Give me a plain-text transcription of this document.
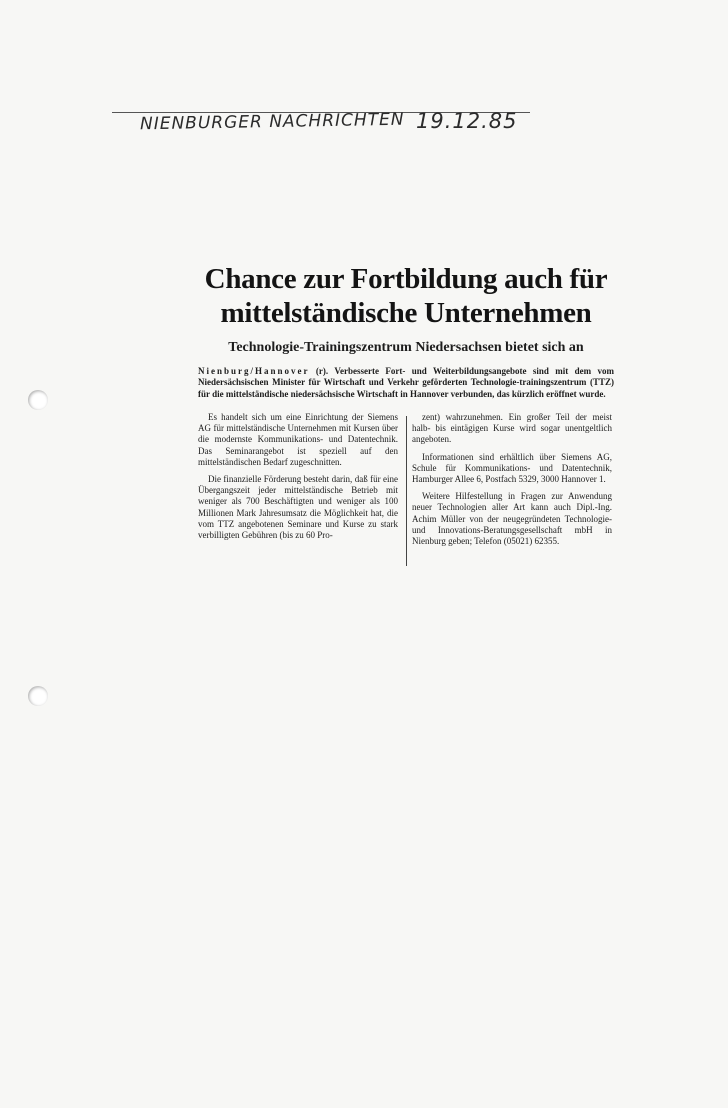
NIENBURGER NACHRICHTEN 19.12.85
Chance zur Fortbildung auch für
mittelständische Unternehmen
Technologie-Trainingszentrum Niedersachsen bietet sich an

Nienburg/Hannover (r). Verbesserte Fort- und Weiterbildungsangebote sind mit dem vom Niedersächsischen Minister für Wirtschaft und Verkehr geförderten Technologie-trainingszentrum (TTZ) für die mittelständische niedersächsische Wirtschaft in Hannover verbunden, das kürzlich eröffnet wurde.

Es handelt sich um eine Einrichtung der Siemens AG für mittelständische Unternehmen mit Kursen über die modernste Kommunikations- und Datentechnik. Das Seminarangebot ist speziell auf den mittelständischen Bedarf zugeschnitten.

Die finanzielle Förderung besteht darin, daß für eine Übergangszeit jeder mittelständische Betrieb mit weniger als 700 Beschäftigten und weniger als 100 Millionen Mark Jahresumsatz die Möglichkeit hat, die vom TTZ angebotenen Seminare und Kurse zu stark verbilligten Gebühren (bis zu 60 Pro-

zent) wahrzunehmen. Ein großer Teil der meist halb- bis eintägigen Kurse wird sogar unentgeltlich angeboten.

Informationen sind erhältlich über Siemens AG, Schule für Kommunikations- und Datentechnik, Hamburger Allee 6, Postfach 5329, 3000 Hannover 1.

Weitere Hilfestellung in Fragen zur Anwendung neuer Technologien aller Art kann auch Dipl.-Ing. Achim Müller von der neugegründeten Technologie- und Innovations-Beratungsgesellschaft mbH in Nienburg geben; Telefon (05021) 62355.
